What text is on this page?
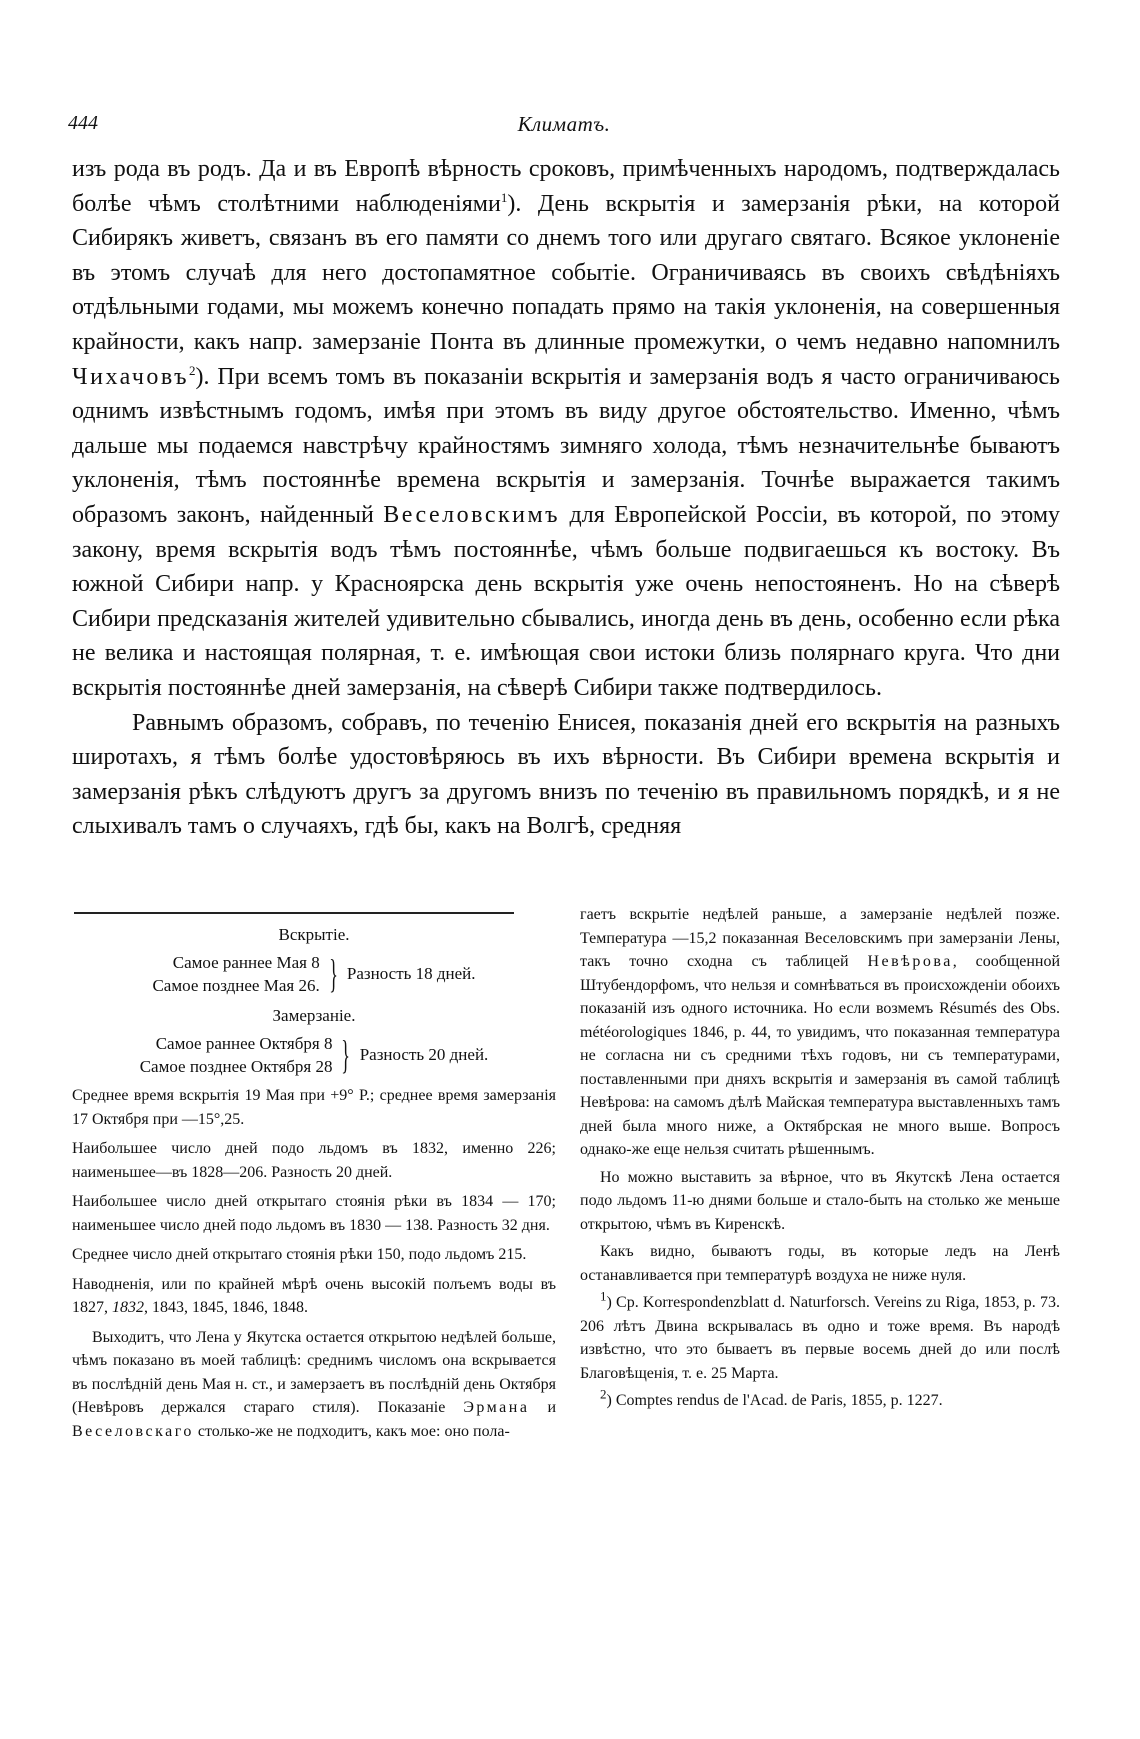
444	Климатъ.

изъ рода въ родъ. Да и въ Европѣ вѣрность сроковъ, примѣченныхъ народомъ, подтверждалась болѣе чѣмъ столѣтними наблюденіями$^1$). День вскрытія и замерзанія рѣки, на которой Сибирякъ живетъ, связанъ въ его памяти со днемъ того или другаго святаго. Всякое уклоненіе въ этомъ случаѣ для него достопамятное событіе. Ограничиваясь въ своихъ свѣдѣніяхъ отдѣльными годами, мы можемъ конечно попадать прямо на такія уклоненія, на совершенныя крайности, какъ напр. замерзаніе Понта въ длинные промежутки, о чемъ недавно напомнилъ Чихачовъ$^2$). При всемъ томъ въ показаніи вскрытія и замерзанія водъ я часто ограничиваюсь однимъ извѣстнымъ годомъ, имѣя при этомъ въ виду другое обстоятельство. Именно, чѣмъ дальше мы подаемся навстрѣчу крайностямъ зимняго холода, тѣмъ незначительнѣе бываютъ уклоненія, тѣмъ постояннѣе времена вскрытія и замерзанія. Точнѣе выражается такимъ образомъ законъ, найденный Веселовскимъ для Европейской Россіи, въ которой, по этому закону, время вскрытія водъ тѣмъ постояннѣе, чѣмъ больше подвигаешься къ востоку. Въ южной Сибири напр. у Красноярска день вскрытія уже очень непостояненъ. Но на сѣверѣ Сибири предсказанія жителей удивительно сбывались, иногда день въ день, особенно если рѣка не велика и настоящая полярная, т. е. имѣющая свои истоки близь полярнаго круга. Что дни вскрытія постояннѣе дней замерзанія, на сѣверѣ Сибири также подтвердилось.

Равнымъ образомъ, собравъ, по теченію Енисея, показанія дней его вскрытія на разныхъ широтахъ, я тѣмъ болѣе удостовѣряюсь въ ихъ вѣрности. Въ Сибири времена вскрытія и замерзанія рѣкъ слѣдуютъ другъ за другомъ внизъ по теченію въ правильномъ порядкѣ, и я не слыхивалъ тамъ о случаяхъ, гдѣ бы, какъ на Волгѣ, средняя

Вскрытіе.

Самое раннее Мая 8
Самое позднее Мая 26. } Разность 18 дней.

Замерзаніе.

Самое раннее Октября 8
Самое позднее Октября 28 } Разность 20 дней.

Среднее время вскрытія 19 Мая при +9° Р.; среднее время замерзанія 17 Октября при —15°,25.

Наибольшее число дней подо льдомъ въ 1832, именно 226; наименьшее—въ 1828—206. Разность 20 дней.

Наибольшее число дней открытаго стоянія рѣки въ 1834 — 170; наименьшее число дней подо льдомъ въ 1830 — 138. Разность 32 дня.

Среднее число дней открытаго стоянія рѣки 150, подо льдомъ 215.

Наводненія, или по крайней мѣрѣ очень высокій полъемъ воды въ 1827, 1832, 1843, 1845, 1846, 1848.

Выходитъ, что Лена у Якутска остается открытою недѣлей больше, чѣмъ показано въ моей таблицѣ: среднимъ числомъ она вскрывается въ послѣдній день Мая н. ст., и замерзаетъ въ послѣдній день Октября (Невѣровъ держался стараго стиля). Показаніе Эрмана и Веселовскаго столько-же не подходитъ, какъ мое: оно пола-

гаетъ вскрытіе недѣлей раньше, а замерзаніе недѣлей позже. Температура —15,2 показанная Веселовскимъ при замерзаніи Лены, такъ точно сходна съ таблицей Невѣрова, сообщенной Штубендорфомъ, что нельзя и сомнѣваться въ происхожденіи обоихъ показаній изъ одного источника. Но если возмемъ Résumés des Obs. météorologiques 1846, р. 44, то увидимъ, что показанная температура не согласна ни съ средними тѣхъ годовъ, ни съ температурами, поставленными при дняхъ вскрытія и замерзанія въ самой таблицѣ Невѣрова: на самомъ дѣлѣ Майская температура выставленныхъ тамъ дней была много ниже, а Октябрская не много выше. Вопросъ однако-же еще нельзя считать рѣшеннымъ.

Но можно выставить за вѣрное, что въ Якутскѣ Лена остается подо льдомъ 11-ю днями больше и стало-быть на столько же меньше открытою, чѣмъ въ Киренскѣ.

Какъ видно, бываютъ годы, въ которые ледъ на Ленѣ останавливается при температурѣ воздуха не ниже нуля.

$^1$) Ср. Korrespondenzblatt d. Naturforsch. Vereins zu Riga, 1853, р. 73. 206 лѣтъ Двина вскрывалась въ одно и тоже время. Въ народѣ извѣстно, что это бываетъ въ первые восемь дней до или послѣ Благовѣщенія, т. е. 25 Марта.

$^2$) Comptes rendus de l'Acad. de Paris, 1855, р. 1227.
